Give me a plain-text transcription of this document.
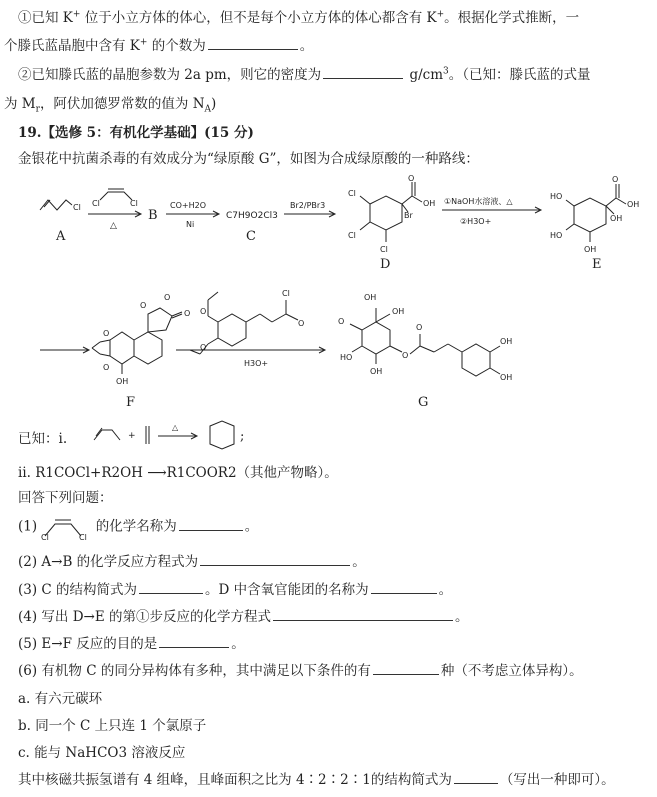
①已知 K+ 位于小立方体的体心，但不是每个小立方体的体心都含有 K+。根据化学式推断，一
个滕氏蓝晶胞中含有 K+ 的个数为	。
②已知滕氏蓝的晶胞参数为 2a pm，则它的密度为	$g/cm^3$。（已知：滕氏蓝的式量
为 $M_r$，阿伏加德罗常数的值为 $N_A$)
19.【选修 5：有机化学基础】(15 分)
金银花中抗菌杀毒的有效成分为“绿原酸 G”，如图为合成绿原酸的一种路线：
Cl
A
Cl	Cl
△
B
CO+H2O
Ni
C7H9O2Cl3
C
Br2/PBr3
Cl
Cl
Cl
O
OH
Br
D
①NaOH水溶液、△
②H3O+
HO
HO
OH
O
OH
OH
E
O
O
OH
O
O
O
F
O
O
Cl
O
H3O+
OH
OH
O
HO
OH
O
O
OH
OH
G
已知：ⅰ.	+
△
;
ⅱ. R1COCl+R2OH ⟶R1COOR2（其他产物略）。
回答下列问题：
(1)
Cl	Cl
的化学名称为	。
(2) A→B 的化学反应方程式为	。
(3) C 的结构简式为	。D 中含氧官能团的名称为	。
(4) 写出 D→E 的第①步反应的化学方程式	。
(5) E→F 反应的目的是	。
(6) 有机物 C 的同分异构体有多种，其中满足以下条件的有	种（不考虑立体异构）。
a. 有六元碳环
b. 同一个 C 上只连 1 个氯原子
c. 能与 NaHCO3 溶液反应
其中核磁共振氢谱有 4 组峰，且峰面积之比为 4∶2∶2∶1的结构简式为	（写出一种即可）。
